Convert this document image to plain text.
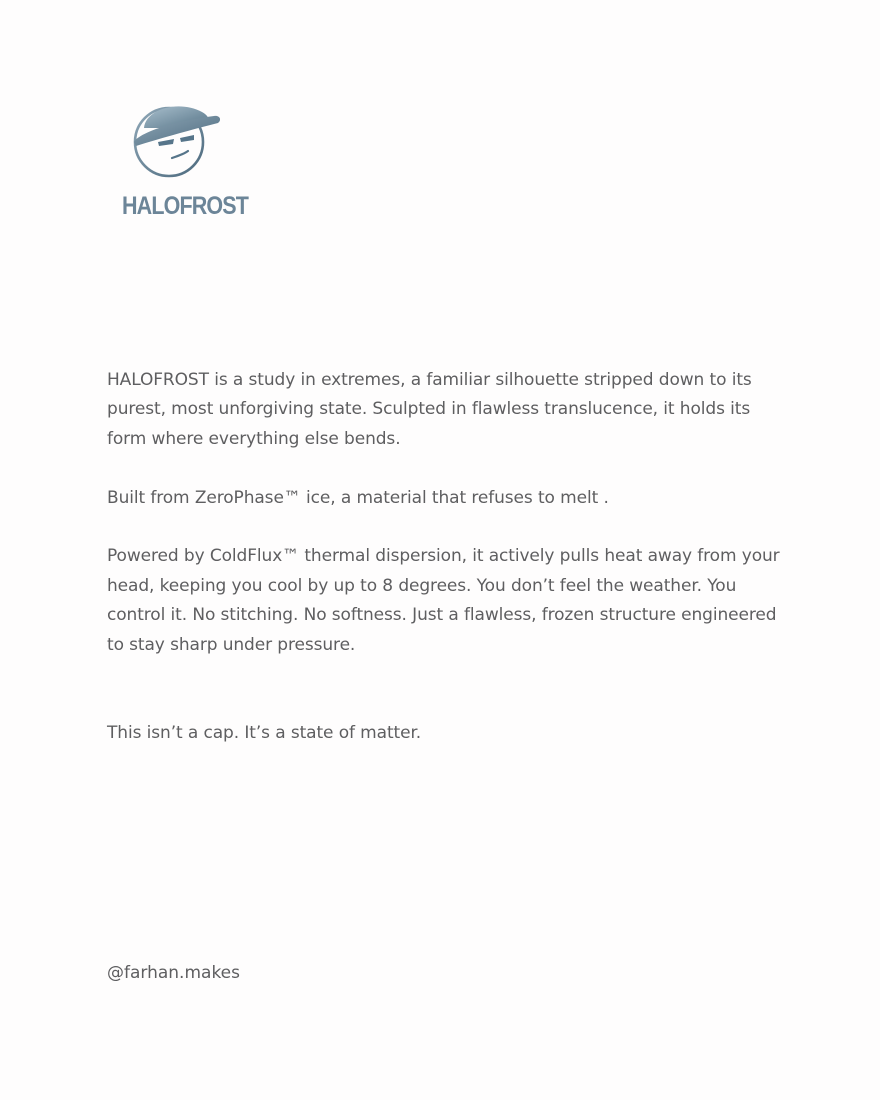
HALOFROST

HALOFROST is a study in extremes, a familiar silhouette stripped down to its purest, most unforgiving state. Sculpted in flawless translucence, it holds its form where everything else bends.

Built from ZeroPhase™ ice, a material that refuses to melt .

Powered by ColdFlux™ thermal dispersion, it actively pulls heat away from your head, keeping you cool by up to 8 degrees. You don’t feel the weather. You control it. No stitching. No softness. Just a flawless, frozen structure engineered to stay sharp under pressure.

This isn’t a cap. It’s a state of matter.

@farhan.makes
